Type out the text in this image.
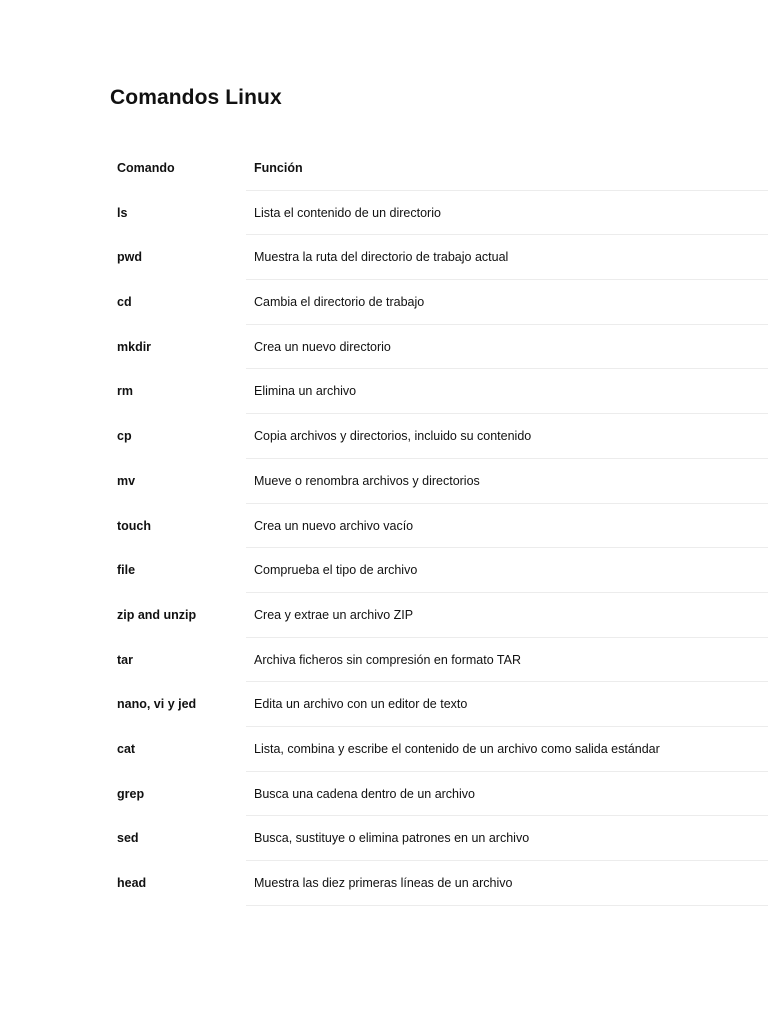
Comandos Linux
Comando	Función
ls	Lista el contenido de un directorio
pwd	Muestra la ruta del directorio de trabajo actual
cd	Cambia el directorio de trabajo
mkdir	Crea un nuevo directorio
rm	Elimina un archivo
cp	Copia archivos y directorios, incluido su contenido
mv	Mueve o renombra archivos y directorios
touch	Crea un nuevo archivo vacío
file	Comprueba el tipo de archivo
zip and unzip	Crea y extrae un archivo ZIP
tar	Archiva ficheros sin compresión en formato TAR
nano, vi y jed	Edita un archivo con un editor de texto
cat	Lista, combina y escribe el contenido de un archivo como salida estándar
grep	Busca una cadena dentro de un archivo
sed	Busca, sustituye o elimina patrones en un archivo
head	Muestra las diez primeras líneas de un archivo
